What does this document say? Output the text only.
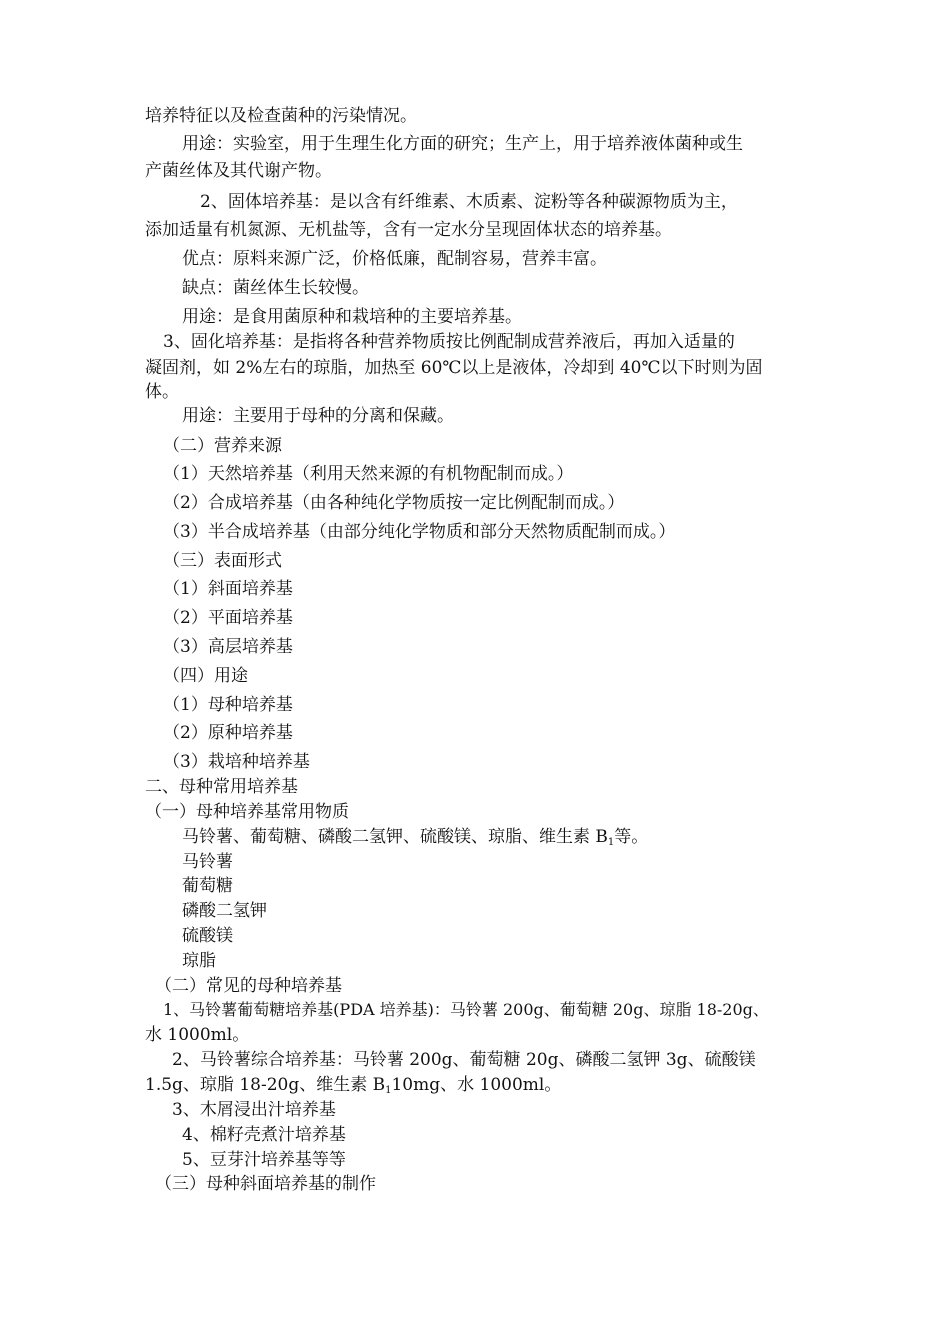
培养特征以及检查菌种的污染情况。
用途：实验室，用于生理生化方面的研究；生产上，用于培养液体菌种或生
产菌丝体及其代谢产物。
2、固体培养基：是以含有纤维素、木质素、淀粉等各种碳源物质为主，
添加适量有机氮源、无机盐等，含有一定水分呈现固体状态的培养基。
优点：原料来源广泛，价格低廉，配制容易，营养丰富。
缺点：菌丝体生长较慢。
用途：是食用菌原种和栽培种的主要培养基。
3、固化培养基：是指将各种营养物质按比例配制成营养液后，再加入适量的
凝固剂，如 2%左右的琼脂，加热至 60℃以上是液体，冷却到 40℃以下时则为固
体。
用途：主要用于母种的分离和保藏。
（二）营养来源
（1）天然培养基（利用天然来源的有机物配制而成。）
（2）合成培养基（由各种纯化学物质按一定比例配制而成。）
（3）半合成培养基（由部分纯化学物质和部分天然物质配制而成。）
（三）表面形式
（1）斜面培养基
（2）平面培养基
（3）高层培养基
（四）用途
（1）母种培养基
（2）原种培养基
（3）栽培种培养基
二、母种常用培养基
（一）母种培养基常用物质
马铃薯、葡萄糖、磷酸二氢钾、硫酸镁、琼脂、维生素 $B_1$等。
马铃薯
葡萄糖
磷酸二氢钾
硫酸镁
琼脂
（二）常见的母种培养基
1、马铃薯葡萄糖培养基(PDA 培养基)：马铃薯 200g、葡萄糖 20g、琼脂 18-20g、
水 1000ml。
2、马铃薯综合培养基：马铃薯 200g、葡萄糖 20g、磷酸二氢钾 3g、硫酸镁
1.5g、琼脂 18-20g、维生素 $B_110mg$、水 1000ml。
3、木屑浸出汁培养基
4、棉籽壳煮汁培养基
5、豆芽汁培养基等等
（三）母种斜面培养基的制作
